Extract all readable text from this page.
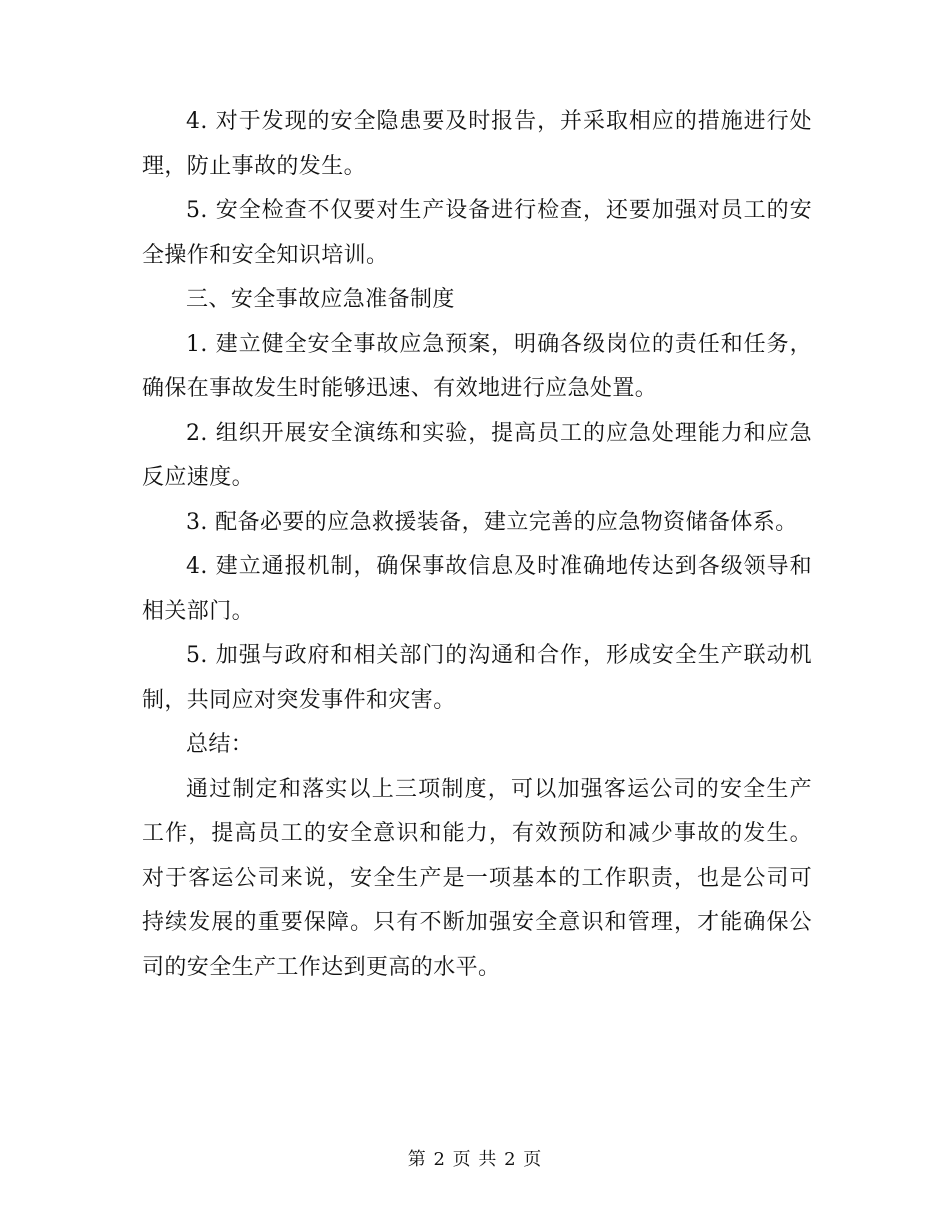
4. 对于发现的安全隐患要及时报告，并采取相应的措施进行处理，防止事故的发生。

5. 安全检查不仅要对生产设备进行检查，还要加强对员工的安全操作和安全知识培训。

三、安全事故应急准备制度

1. 建立健全安全事故应急预案，明确各级岗位的责任和任务，确保在事故发生时能够迅速、有效地进行应急处置。

2. 组织开展安全演练和实验，提高员工的应急处理能力和应急反应速度。

3. 配备必要的应急救援装备，建立完善的应急物资储备体系。

4. 建立通报机制，确保事故信息及时准确地传达到各级领导和相关部门。

5. 加强与政府和相关部门的沟通和合作，形成安全生产联动机制，共同应对突发事件和灾害。

总结：

通过制定和落实以上三项制度，可以加强客运公司的安全生产工作，提高员工的安全意识和能力，有效预防和减少事故的发生。对于客运公司来说，安全生产是一项基本的工作职责，也是公司可持续发展的重要保障。只有不断加强安全意识和管理，才能确保公司的安全生产工作达到更高的水平。

第 2 页 共 2 页
